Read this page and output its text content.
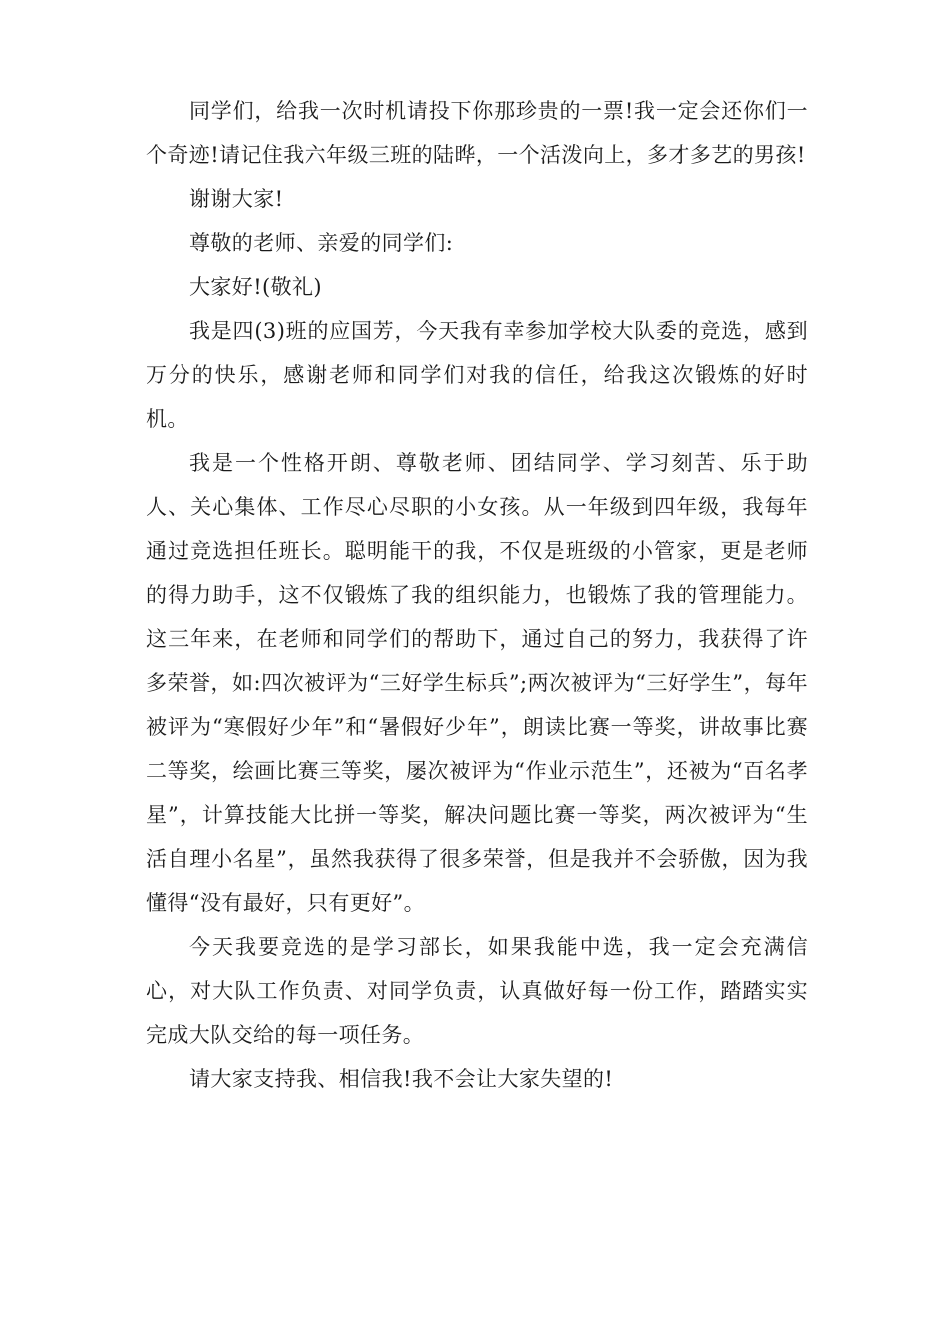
同学们，给我一次时机请投下你那珍贵的一票!我一定会还你们一个奇迹!请记住我六年级三班的陆晔，一个活泼向上，多才多艺的男孩!

谢谢大家!

尊敬的老师、亲爱的同学们:

大家好!(敬礼)

我是四(3)班的应国芳，今天我有幸参加学校大队委的竞选，感到万分的快乐，感谢老师和同学们对我的信任，给我这次锻炼的好时机。

我是一个性格开朗、尊敬老师、团结同学、学习刻苦、乐于助人、关心集体、工作尽心尽职的小女孩。从一年级到四年级，我每年通过竞选担任班长。聪明能干的我，不仅是班级的小管家，更是老师的得力助手，这不仅锻炼了我的组织能力，也锻炼了我的管理能力。这三年来，在老师和同学们的帮助下，通过自己的努力，我获得了许多荣誉，如:四次被评为“三好学生标兵”;两次被评为“三好学生”，每年被评为“寒假好少年”和“暑假好少年”，朗读比赛一等奖，讲故事比赛二等奖，绘画比赛三等奖，屡次被评为“作业示范生”，还被为“百名孝星”，计算技能大比拼一等奖，解决问题比赛一等奖，两次被评为“生活自理小名星”，虽然我获得了很多荣誉，但是我并不会骄傲，因为我懂得“没有最好，只有更好”。

今天我要竞选的是学习部长，如果我能中选，我一定会充满信心，对大队工作负责、对同学负责，认真做好每一份工作，踏踏实实完成大队交给的每一项任务。

请大家支持我、相信我!我不会让大家失望的!
